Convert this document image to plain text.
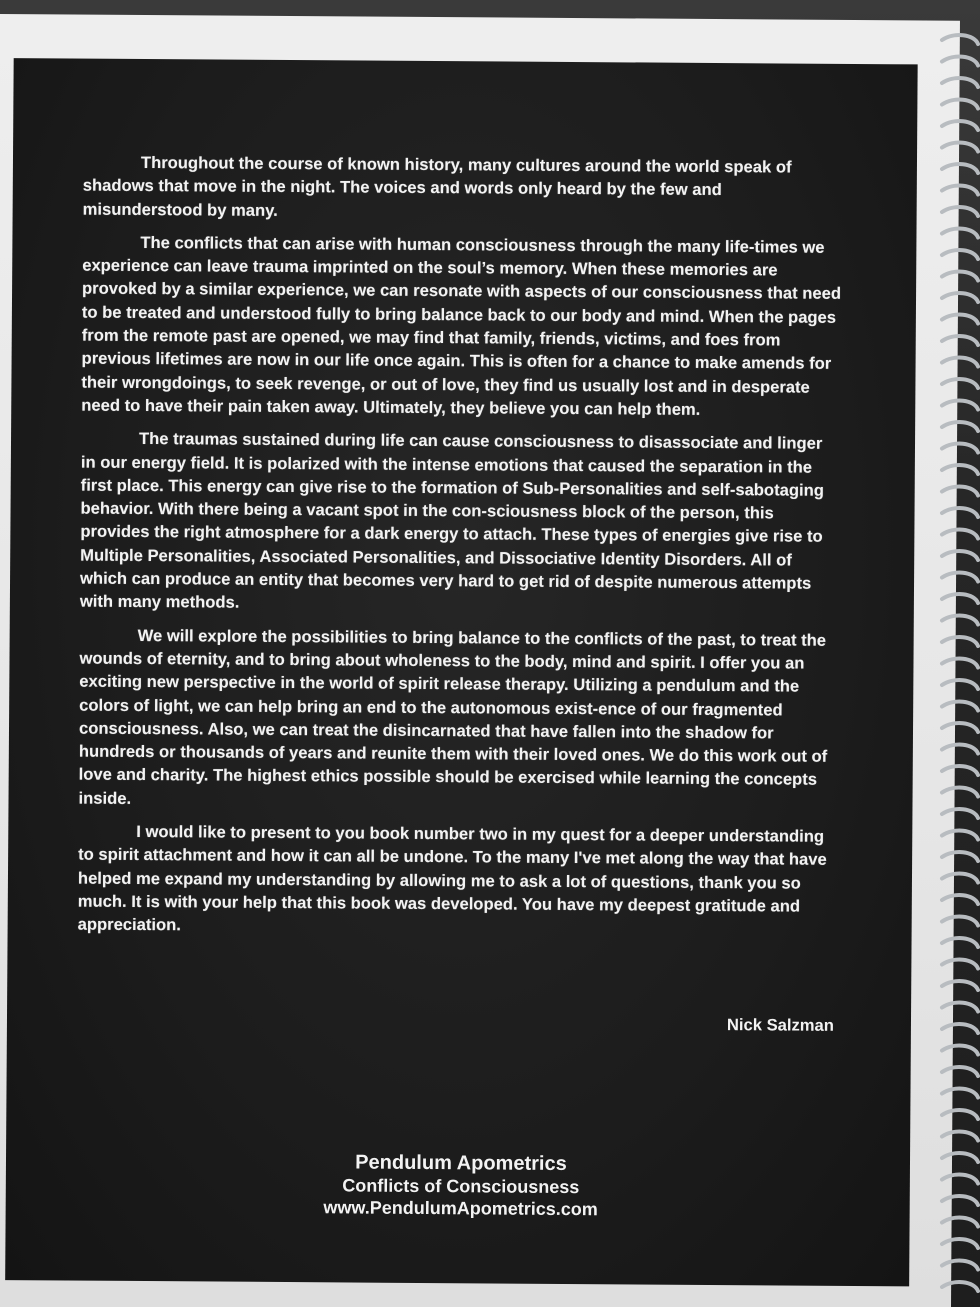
Throughout the course of known history, many cultures around the world speak of shadows that move in the night. The voices and words only heard by the few and misunderstood by many.

The conflicts that can arise with human consciousness through the many life-times we experience can leave trauma imprinted on the soul’s memory. When these memories are provoked by a similar experience, we can resonate with aspects of our consciousness that need to be treated and understood fully to bring balance back to our body and mind. When the pages from the remote past are opened, we may find that family, friends, victims, and foes from previous lifetimes are now in our life once again. This is often for a chance to make amends for their wrongdoings, to seek revenge, or out of love, they find us usually lost and in desperate need to have their pain taken away. Ultimately, they believe you can help them.

The traumas sustained during life can cause consciousness to disassociate and linger in our energy field. It is polarized with the intense emotions that caused the separation in the first place. This energy can give rise to the formation of Sub-Personalities and self-sabotaging behavior. With there being a vacant spot in the con-sciousness block of the person, this provides the right atmosphere for a dark energy to attach. These types of energies give rise to Multiple Personalities, Associated Personalities, and Dissociative Identity Disorders. All of which can produce an entity that becomes very hard to get rid of despite numerous attempts with many methods.

We will explore the possibilities to bring balance to the conflicts of the past, to treat the wounds of eternity, and to bring about wholeness to the body, mind and spirit. I offer you an exciting new perspective in the world of spirit release therapy. Utilizing a pendulum and the colors of light, we can help bring an end to the autonomous exist-ence of our fragmented consciousness. Also, we can treat the disincarnated that have fallen into the shadow for hundreds or thousands of years and reunite them with their loved ones. We do this work out of love and charity. The highest ethics possible should be exercised while learning the concepts inside.

I would like to present to you book number two in my quest for a deeper understanding to spirit attachment and how it can all be undone. To the many I've met along the way that have helped me expand my understanding by allowing me to ask a lot of questions, thank you so much. It is with your help that this book was developed. You have my deepest gratitude and appreciation.

Nick Salzman
Pendulum Apometrics
Conflicts of Consciousness
www.PendulumApometrics.com
